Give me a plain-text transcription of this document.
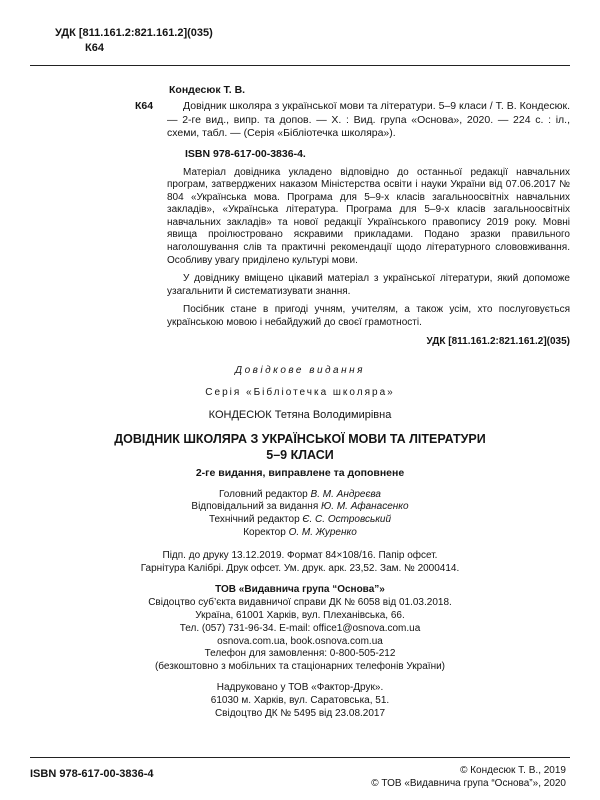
УДК [811.161.2:821.161.2](035)
К64
Кондесюк Т. В.
К64	Довідник школяра з української мови та літератури. 5–9 класи / Т. В. Кондесюк. — 2-ге вид., випр. та допов. — Х. : Вид. група «Основа», 2020. — 224 с. : іл., схеми, табл. — (Серія «Бібліотечка школяра»).

ISBN 978-617-00-3836-4.

Матеріал довідника укладено відповідно до останньої редакції навчальних програм, затверджених наказом Міністерства освіти і науки України від 07.06.2017 № 804 «Українська мова. Програма для 5–9-х класів загальноосвітніх навчальних закладів», «Українська література. Програма для 5–9-х класів загальноосвітніх навчальних закладів» та нової редакції Українського правопису 2019 року. Мовні явища проілюстровано яскравими прикладами. Подано зразки правильного наголошування слів та практичні рекомендації щодо літературного слововживання. Особливу увагу приділено культурі мови.

У довіднику вміщено цікавий матеріал з української літератури, який допоможе узагальнити й систематизувати знання.

Посібник стане в пригоді учням, учителям, а також усім, хто послуговується українською мовою і небайдужий до своєї грамотності.

УДК [811.161.2:821.161.2](035)
Довідкове видання
Серія «Бібліотечка школяра»
КОНДЕСЮК Тетяна Володимирівна
ДОВІДНИК ШКОЛЯРА З УКРАЇНСЬКОЇ МОВИ ТА ЛІТЕРАТУРИ
5–9 КЛАСИ
2-ге видання, виправлене та доповнене
Головний редактор В. М. Андреєва
Відповідальний за видання Ю. М. Афанасенко
Технічний редактор Є. С. Островський
Коректор О. М. Журенко
Підп. до друку 13.12.2019. Формат 84×108/16. Папір офсет.
Гарнітура Калібрі. Друк офсет. Ум. друк. арк. 23,52. Зам. № 2000414.
ТОВ «Видавнича група “Основа”»
Свідоцтво суб’єкта видавничої справи ДК № 6058 від 01.03.2018.
Україна, 61001 Харків, вул. Плеханівська, 66.
Тел. (057) 731-96-34. E-mail: office1@osnova.com.ua
osnova.com.ua, book.osnova.com.ua
Телефон для замовлення: 0-800-505-212
(безкоштовно з мобільних та стаціонарних телефонів України)
Надруковано у ТОВ «Фактор-Друк».
61030 м. Харків, вул. Саратовська, 51.
Свідоцтво ДК № 5495 від 23.08.2017
ISBN 978-617-00-3836-4	© Кондесюк Т. В., 2019
© ТОВ «Видавнича група “Основа”», 2020
